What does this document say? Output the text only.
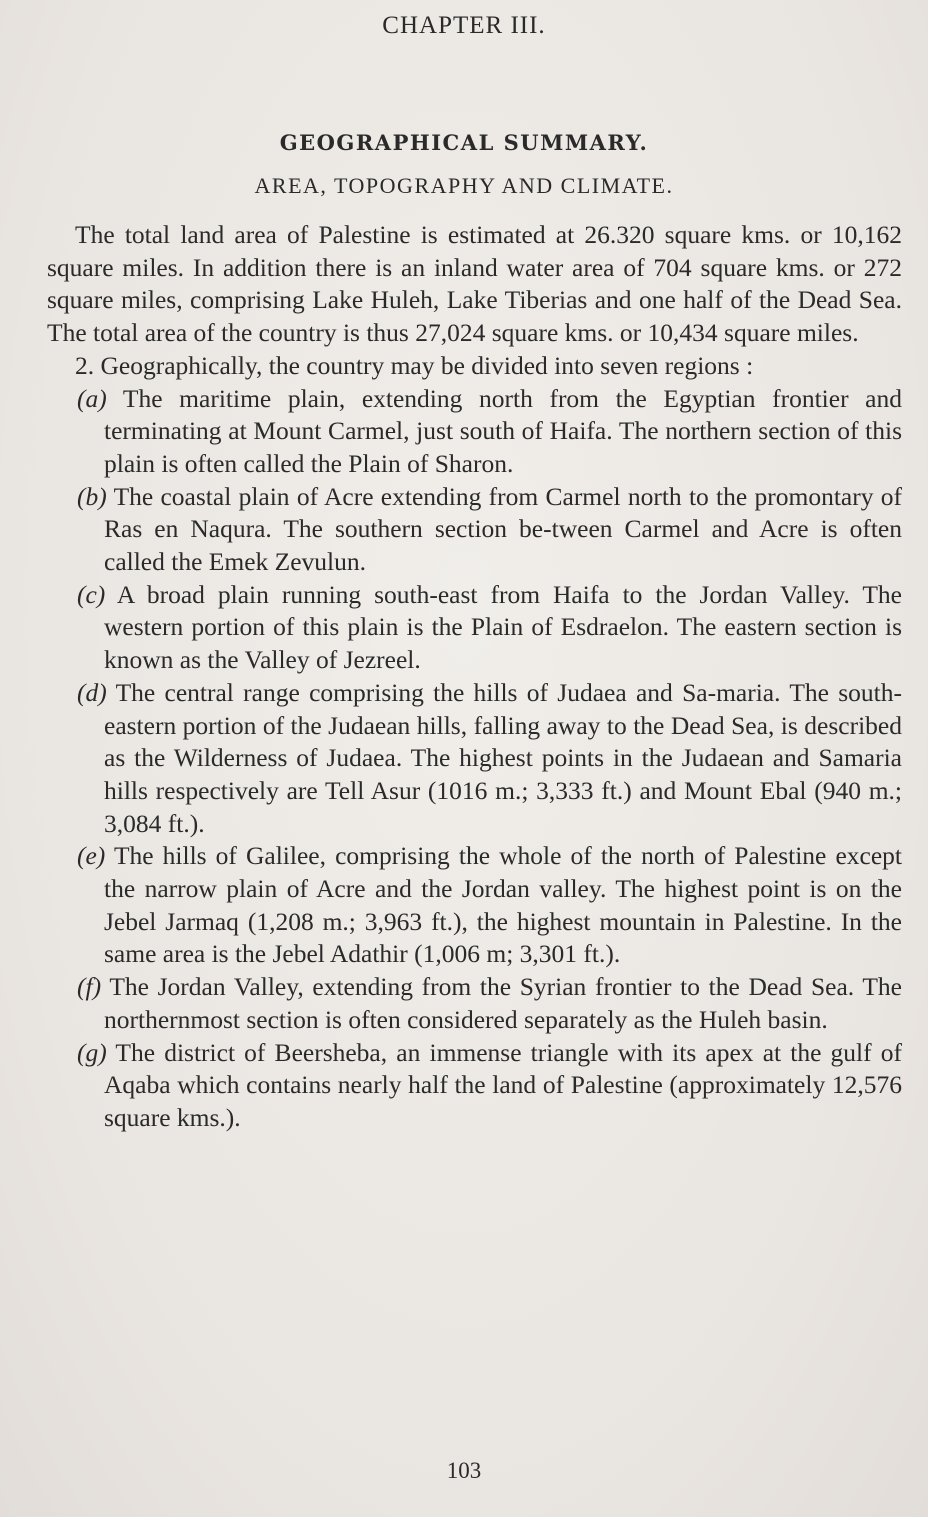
CHAPTER III.
GEOGRAPHICAL SUMMARY.
AREA, TOPOGRAPHY AND CLIMATE.

The total land area of Palestine is estimated at 26.320 square kms. or 10,162 square miles. In addition there is an inland water area of 704 square kms. or 272 square miles, comprising Lake Huleh, Lake Tiberias and one half of the Dead Sea. The total area of the country is thus 27,024 square kms. or 10,434 square miles.

2. Geographically, the country may be divided into seven regions :

(a) The maritime plain, extending north from the Egyptian frontier and terminating at Mount Carmel, just south of Haifa. The northern section of this plain is often called the Plain of Sharon.

(b) The coastal plain of Acre extending from Carmel north to the promontary of Ras en Naqura. The southern section be-tween Carmel and Acre is often called the Emek Zevulun.

(c) A broad plain running south-east from Haifa to the Jordan Valley. The western portion of this plain is the Plain of Esdraelon. The eastern section is known as the Valley of Jezreel.

(d) The central range comprising the hills of Judaea and Sa-maria. The south-eastern portion of the Judaean hills, falling away to the Dead Sea, is described as the Wilderness of Judaea. The highest points in the Judaean and Samaria hills respectively are Tell Asur (1016 m.; 3,333 ft.) and Mount Ebal (940 m.; 3,084 ft.).

(e) The hills of Galilee, comprising the whole of the north of Palestine except the narrow plain of Acre and the Jordan valley. The highest point is on the Jebel Jarmaq (1,208 m.; 3,963 ft.), the highest mountain in Palestine. In the same area is the Jebel Adathir (1,006 m; 3,301 ft.).

(f) The Jordan Valley, extending from the Syrian frontier to the Dead Sea. The northernmost section is often considered separately as the Huleh basin.

(g) The district of Beersheba, an immense triangle with its apex at the gulf of Aqaba which contains nearly half the land of Palestine (approximately 12,576 square kms.).

103
